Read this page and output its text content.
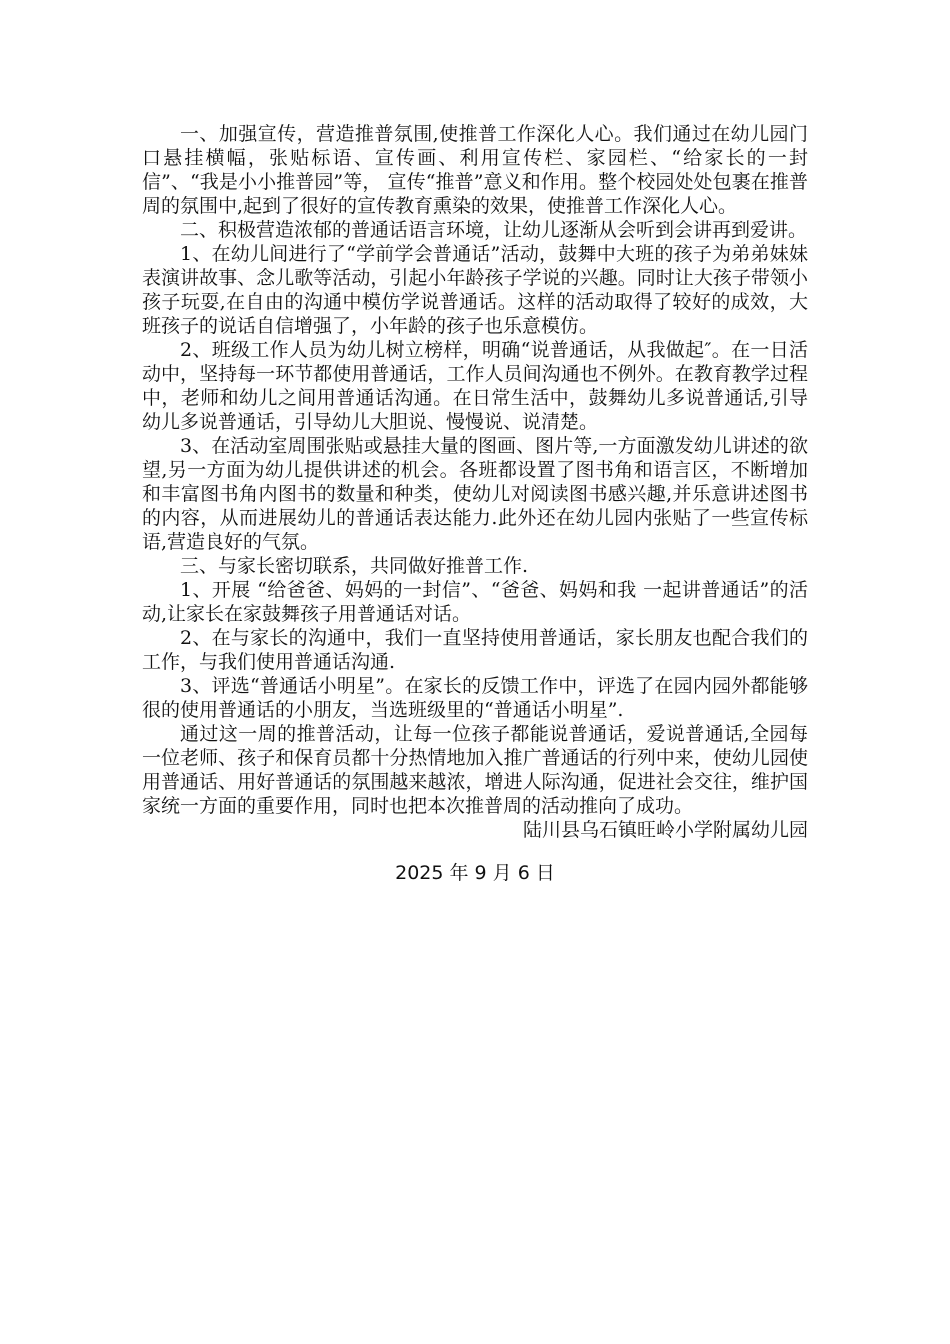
一、加强宣传，营造推普氛围,使推普工作深化人心。我们通过在幼儿园门口悬挂横幅，张贴标语、宣传画、利用宣传栏、家园栏、“给家长的一封信”、“我是小小推普园”等， 宣传“推普”意义和作用。整个校园处处包裹在推普周的氛围中,起到了很好的宣传教育熏染的效果，使推普工作深化人心。

二、积极营造浓郁的普通话语言环境，让幼儿逐渐从会听到会讲再到爱讲。

1、在幼儿间进行了“学前学会普通话”活动，鼓舞中大班的孩子为弟弟妹妹表演讲故事、念儿歌等活动，引起小年龄孩子学说的兴趣。同时让大孩子带领小孩子玩耍,在自由的沟通中模仿学说普通话。这样的活动取得了较好的成效，大班孩子的说话自信增强了，小年龄的孩子也乐意模仿。

2、班级工作人员为幼儿树立榜样，明确“说普通话，从我做起″。在一日活动中，坚持每一环节都使用普通话，工作人员间沟通也不例外。在教育教学过程中，老师和幼儿之间用普通话沟通。在日常生活中，鼓舞幼儿多说普通话,引导幼儿多说普通话，引导幼儿大胆说、慢慢说、说清楚。

3、在活动室周围张贴或悬挂大量的图画、图片等,一方面激发幼儿讲述的欲望,另一方面为幼儿提供讲述的机会。各班都设置了图书角和语言区，不断增加和丰富图书角内图书的数量和种类，使幼儿对阅读图书感兴趣,并乐意讲述图书的内容，从而进展幼儿的普通话表达能力.此外还在幼儿园内张贴了一些宣传标语,营造良好的气氛。

三、与家长密切联系，共同做好推普工作.

1、开展 “给爸爸、妈妈的一封信”、“爸爸、妈妈和我 一起讲普通话”的活动,让家长在家鼓舞孩子用普通话对话。

2、在与家长的沟通中，我们一直坚持使用普通话，家长朋友也配合我们的工作，与我们使用普通话沟通.

3、评选“普通话小明星”。在家长的反馈工作中，评选了在园内园外都能够很的使用普通话的小朋友，当选班级里的“普通话小明星”.

通过这一周的推普活动，让每一位孩子都能说普通话，爱说普通话,全园每一位老师、孩子和保育员都十分热情地加入推广普通话的行列中来，使幼儿园使用普通话、用好普通话的氛围越来越浓，增进人际沟通，促进社会交往，维护国家统一方面的重要作用，同时也把本次推普周的活动推向了成功。

陆川县乌石镇旺岭小学附属幼儿园

2025 年 9 月 6 日
